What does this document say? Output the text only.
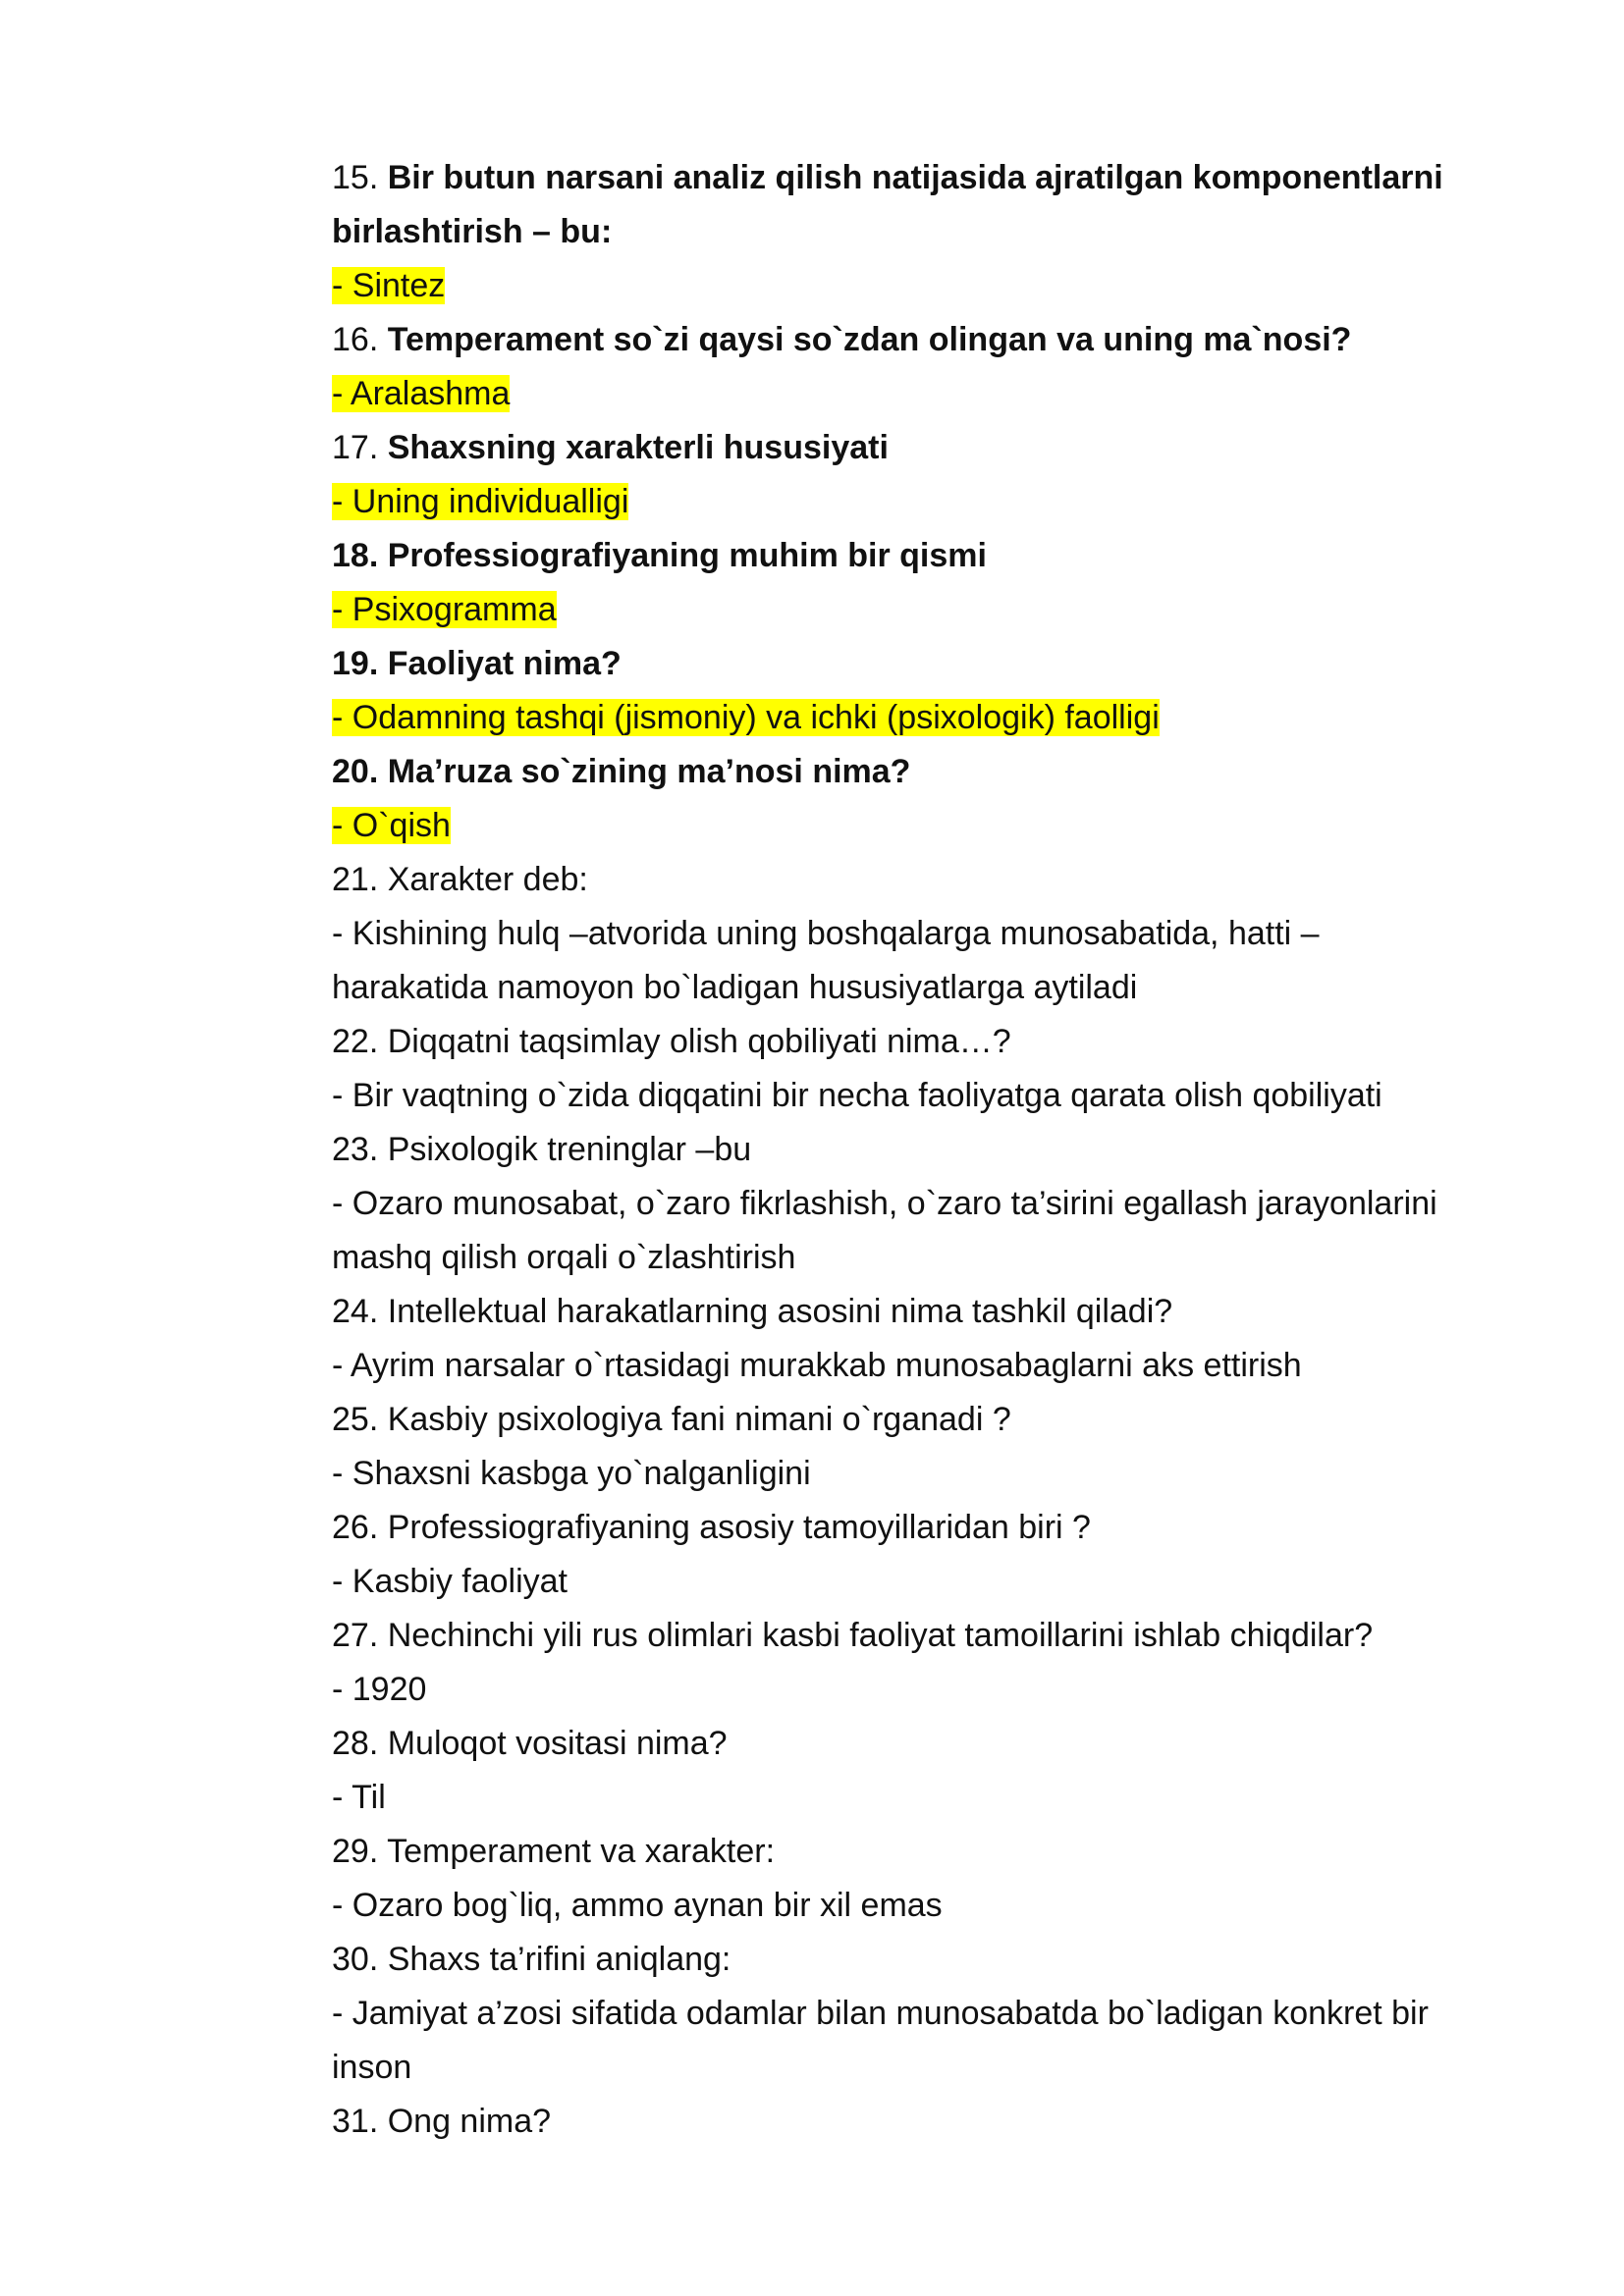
15. Bir butun narsani analiz qilish natijasida ajratilgan komponentlarni
birlashtirish – bu:
- Sintez
16. Temperament so`zi qaysi so`zdan olingan va uning ma`nosi?
- Aralashma
17. Shaxsning xarakterli hususiyati
- Uning individualligi
18. Professiografiyaning muhim bir qismi
- Psixogramma
19. Faoliyat nima?
- Odamning tashqi (jismoniy) va ichki (psixologik) faolligi
20. Ma’ruza so`zining ma’nosi nima?
- O`qish
21. Xarakter deb:
- Kishining hulq –atvorida uning boshqalarga munosabatida, hatti –
harakatida namoyon bo`ladigan hususiyatlarga aytiladi
22. Diqqatni taqsimlay olish qobiliyati nima…?
- Bir vaqtning o`zida diqqatini bir necha faoliyatga qarata olish qobiliyati
23. Psixologik treninglar –bu
- Ozaro munosabat, o`zaro fikrlashish, o`zaro ta’sirini egallash jarayonlarini
mashq qilish orqali o`zlashtirish
24. Intellektual harakatlarning asosini nima tashkil qiladi?
- Ayrim narsalar o`rtasidagi murakkab munosabaglarni aks ettirish
25. Kasbiy psixologiya fani nimani o`rganadi ?
- Shaxsni kasbga yo`nalganligini
26. Professiografiyaning asosiy tamoyillaridan biri ?
- Kasbiy faoliyat
27. Nechinchi yili rus olimlari kasbi faoliyat tamoillarini ishlab chiqdilar?
- 1920
28. Muloqot vositasi nima?
- Til
29. Temperament va xarakter:
- Ozaro bog`liq, ammo aynan bir xil emas
30. Shaxs ta’rifini aniqlang:
- Jamiyat a’zosi sifatida odamlar bilan munosabatda bo`ladigan konkret bir
inson
31. Ong nima?
